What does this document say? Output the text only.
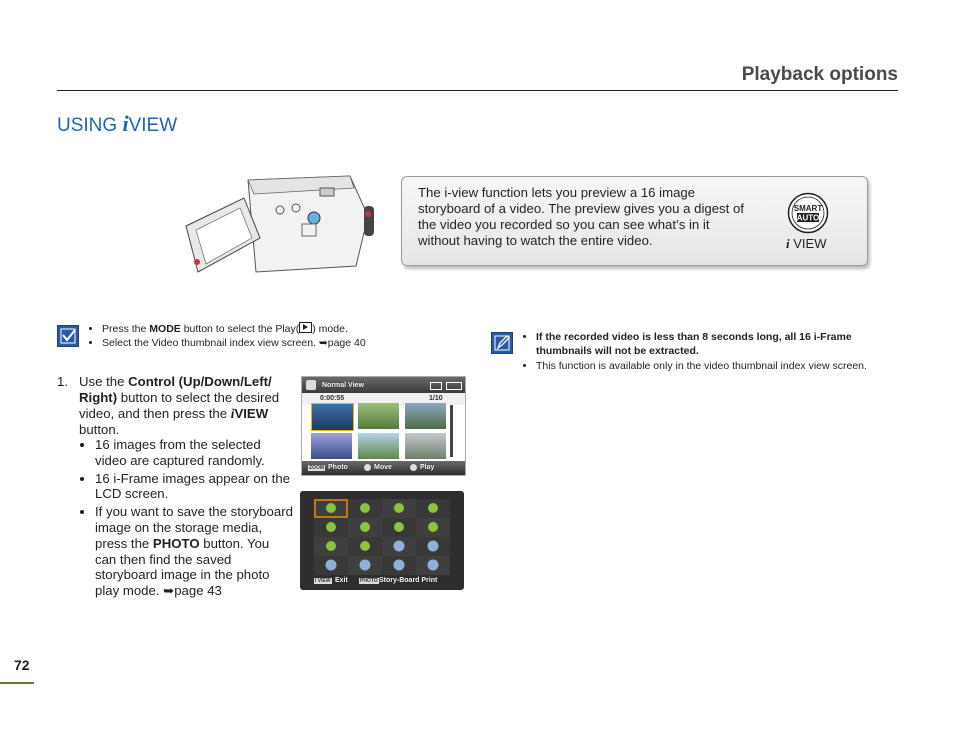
Playback options
USING iVIEW
The i-view function lets you preview a 16 image storyboard of a video. The preview gives you a digest of the video you recorded so you can see what’s in it without having to watch the entire video.
SMART
AUTO
i VIEW
• Press the MODE button to select the Play( ) mode.
• Select the Video thumbnail index view screen. ➥page 40
• If the recorded video is less than 8 seconds long, all 16 i-Frame thumbnails will not be extracted.
• This function is available only in the video thumbnail index view screen.
1. Use the Control (Up/Down/Left/ Right) button to select the desired video, and then press the iVIEW button.
• 16 images from the selected video are captured randomly.
• 16 i-Frame images appear on the LCD screen.
• If you want to save the storyboard image on the storage media, press the PHOTO button. You can then find the saved storyboard image in the photo play mode. ➥page 43
Normal View
0:00:55	1/10
ZOOM Photo	Move	Play
i VIEW Exit PHOTO Story-Board Print
72
